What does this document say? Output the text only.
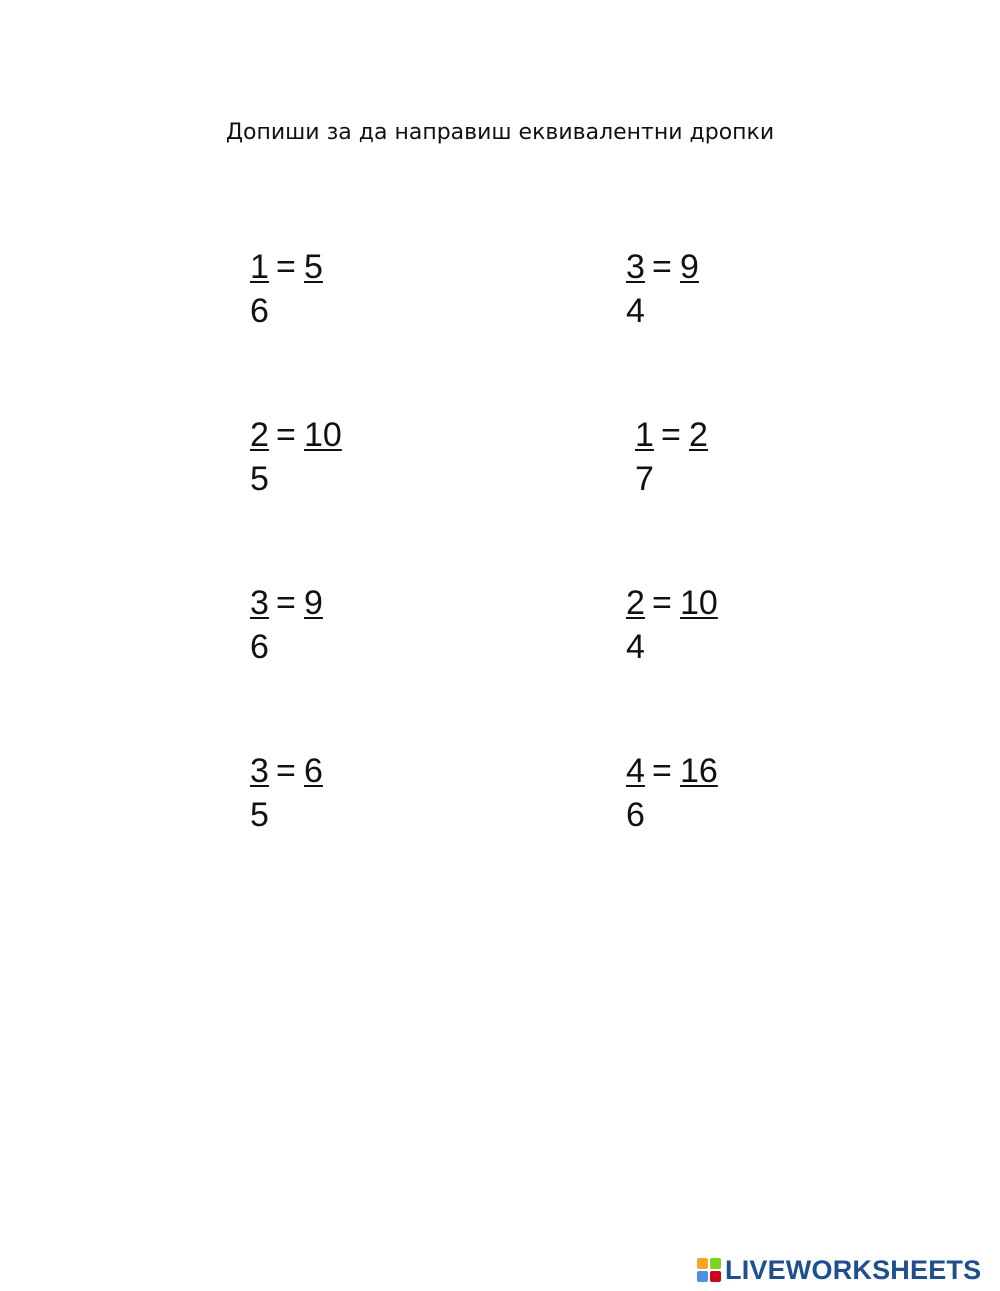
Допиши за да направиш еквивалентни дропки
1 = 5
6
3 = 9
4
2 = 10
5
1 = 2
7
3 = 9
6
2 = 10
4
3 = 6
5
4 = 16
6
LIVEWORKSHEETS
